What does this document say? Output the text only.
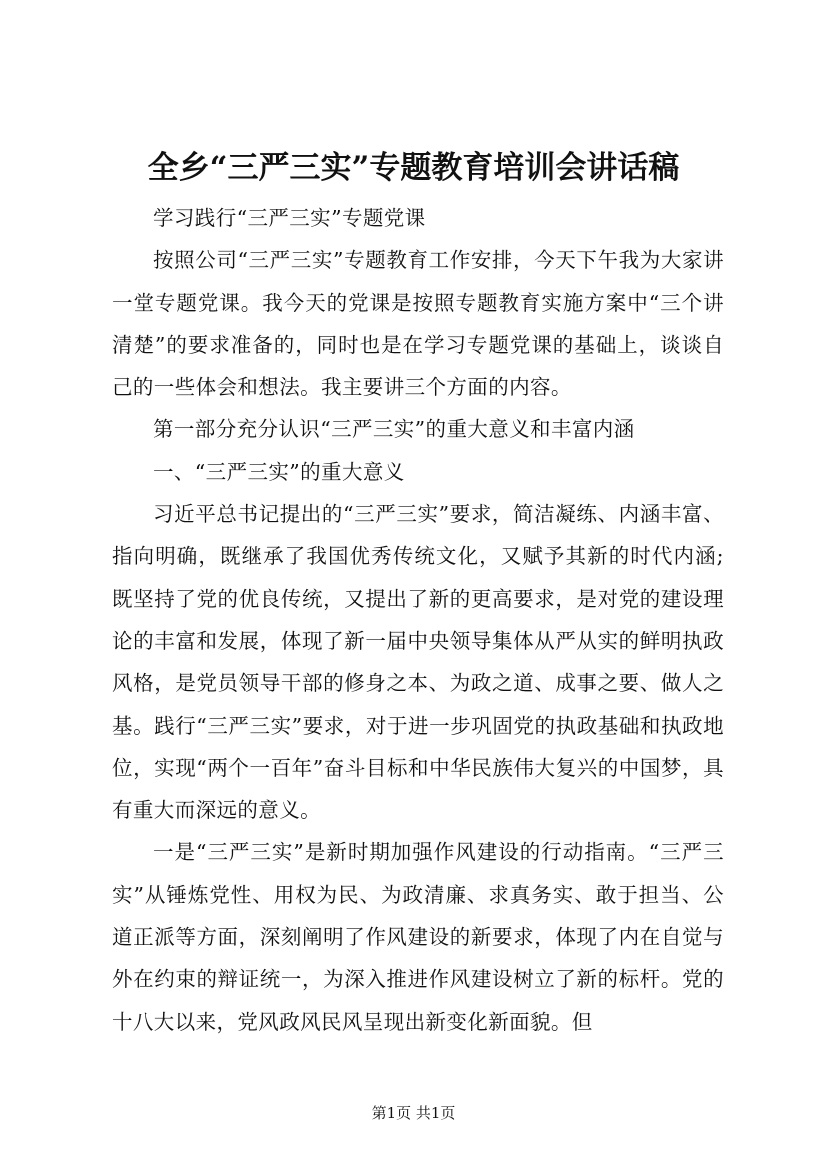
全乡“三严三实”专题教育培训会讲话稿

学习践行“三严三实”专题党课

按照公司“三严三实”专题教育工作安排，今天下午我为大家讲一堂专题党课。我今天的党课是按照专题教育实施方案中“三个讲清楚”的要求准备的，同时也是在学习专题党课的基础上，谈谈自己的一些体会和想法。我主要讲三个方面的内容。

第一部分充分认识“三严三实”的重大意义和丰富内涵

一、“三严三实”的重大意义

习近平总书记提出的“三严三实”要求，简洁凝练、内涵丰富、指向明确，既继承了我国优秀传统文化，又赋予其新的时代内涵;既坚持了党的优良传统，又提出了新的更高要求，是对党的建设理论的丰富和发展，体现了新一届中央领导集体从严从实的鲜明执政风格，是党员领导干部的修身之本、为政之道、成事之要、做人之基。践行“三严三实”要求，对于进一步巩固党的执政基础和执政地位，实现“两个一百年”奋斗目标和中华民族伟大复兴的中国梦，具有重大而深远的意义。

一是“三严三实”是新时期加强作风建设的行动指南。“三严三实”从锤炼党性、用权为民、为政清廉、求真务实、敢于担当、公道正派等方面，深刻阐明了作风建设的新要求，体现了内在自觉与外在约束的辩证统一，为深入推进作风建设树立了新的标杆。党的十八大以来，党风政风民风呈现出新变化新面貌。但

第1页 共1页
